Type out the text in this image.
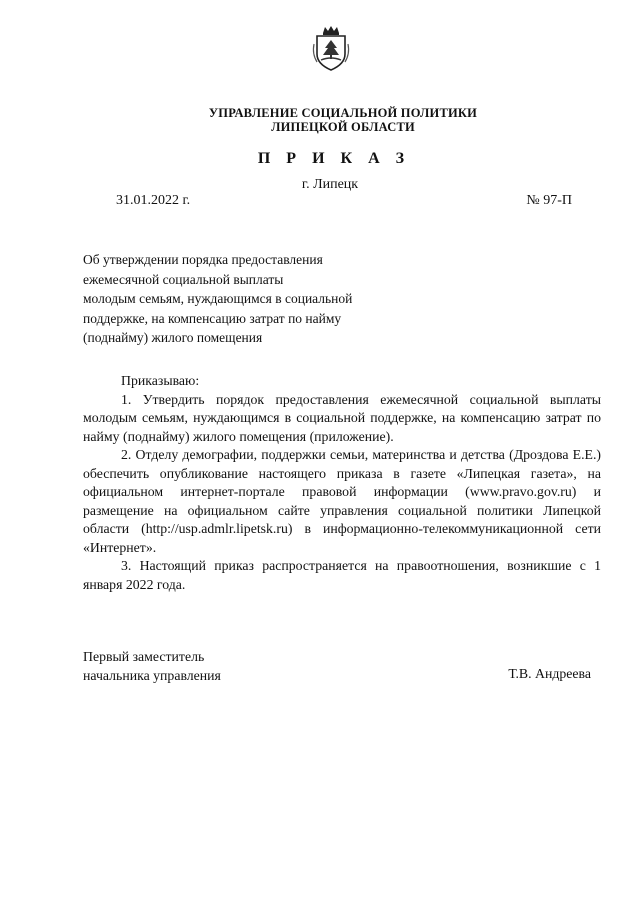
УПРАВЛЕНИЕ СОЦИАЛЬНОЙ ПОЛИТИКИ
ЛИПЕЦКОЙ ОБЛАСТИ
П Р И К А З
г. Липецк
31.01.2022 г.	№ 97-П
Об утверждении порядка предоставления
ежемесячной социальной выплаты
молодым семьям, нуждающимся в социальной
поддержке, на компенсацию затрат по найму
(поднайму) жилого помещения

Приказываю:

1. Утвердить порядок предоставления ежемесячной социальной выплаты молодым семьям, нуждающимся в социальной поддержке, на компенсацию затрат по найму (поднайму) жилого помещения (приложение).

2. Отделу демографии, поддержки семьи, материнства и детства (Дроздова Е.Е.) обеспечить опубликование настоящего приказа в газете «Липецкая газета», на официальном интернет-портале правовой информации (www.pravo.gov.ru) и размещение на официальном сайте управления социальной политики Липецкой области (http://usp.admlr.lipetsk.ru) в информационно-телекоммуникационной сети «Интернет».

3. Настоящий приказ распространяется на правоотношения, возникшие с 1 января 2022 года.

Первый заместитель
начальника управления	Т.В. Андреева
